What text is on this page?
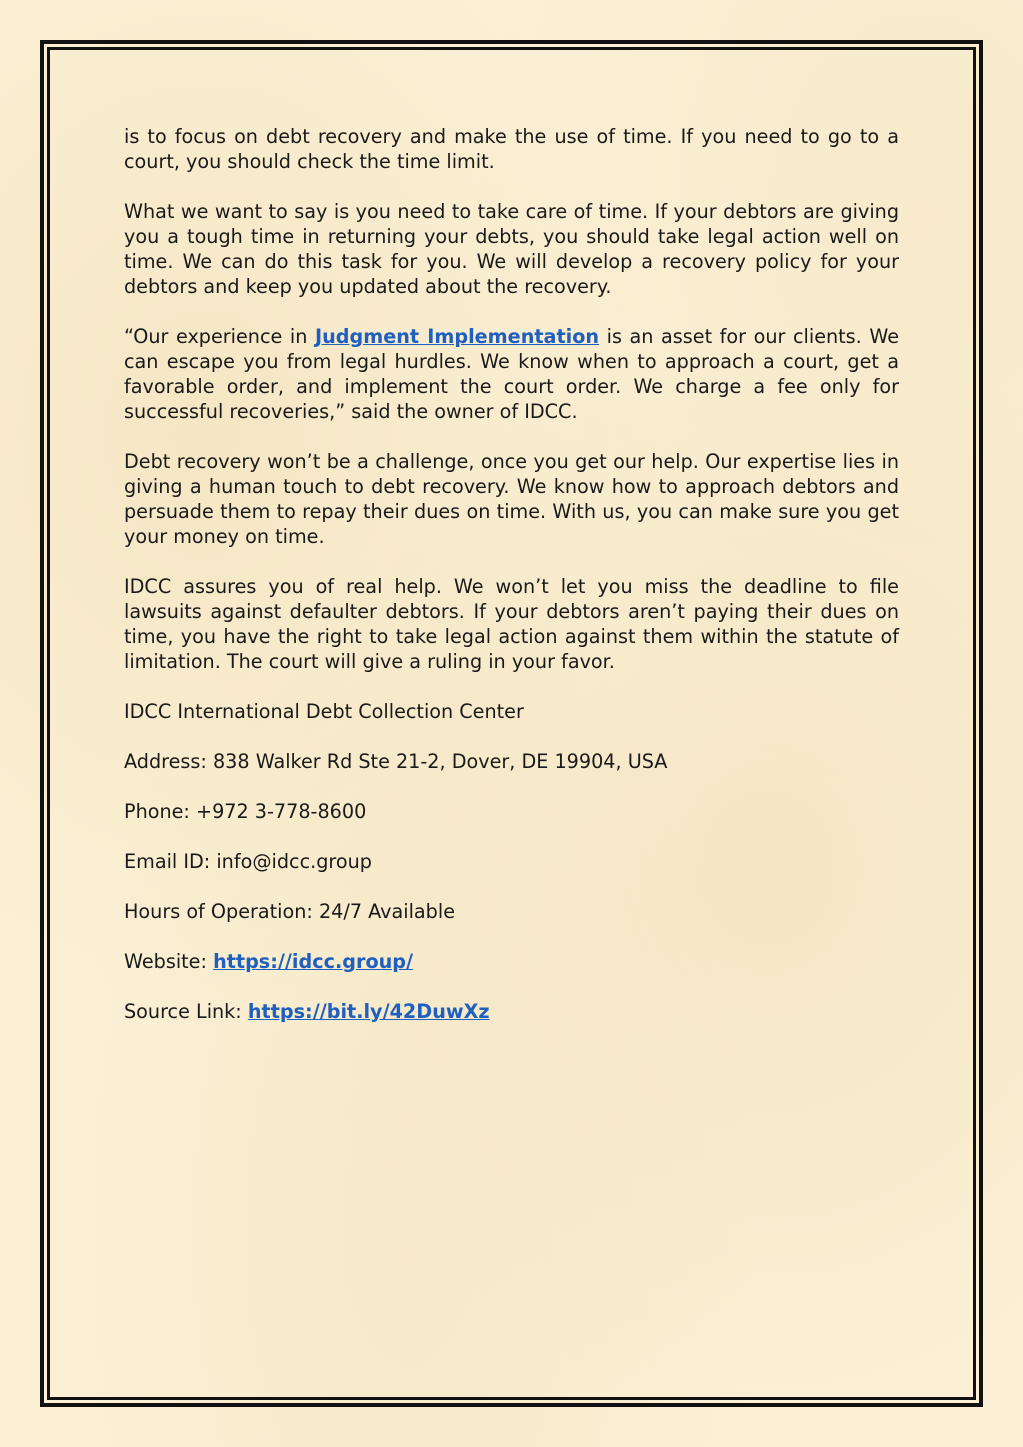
is to focus on debt recovery and make the use of time. If you need to go to a court, you should check the time limit.

What we want to say is you need to take care of time. If your debtors are giving you a tough time in returning your debts, you should take legal action well on time. We can do this task for you. We will develop a recovery policy for your debtors and keep you updated about the recovery.

“Our experience in Judgment Implementation is an asset for our clients. We can escape you from legal hurdles. We know when to approach a court, get a favorable order, and implement the court order. We charge a fee only for successful recoveries,” said the owner of IDCC.

Debt recovery won’t be a challenge, once you get our help. Our expertise lies in giving a human touch to debt recovery. We know how to approach debtors and persuade them to repay their dues on time. With us, you can make sure you get your money on time.

IDCC assures you of real help. We won’t let you miss the deadline to file lawsuits against defaulter debtors. If your debtors aren’t paying their dues on time, you have the right to take legal action against them within the statute of limitation. The court will give a ruling in your favor.

IDCC International Debt Collection Center

Address: 838 Walker Rd Ste 21-2, Dover, DE 19904, USA

Phone: +972 3-778-8600

Email ID: info@idcc.group

Hours of Operation: 24/7 Available

Website: https://idcc.group/

Source Link: https://bit.ly/42DuwXz
